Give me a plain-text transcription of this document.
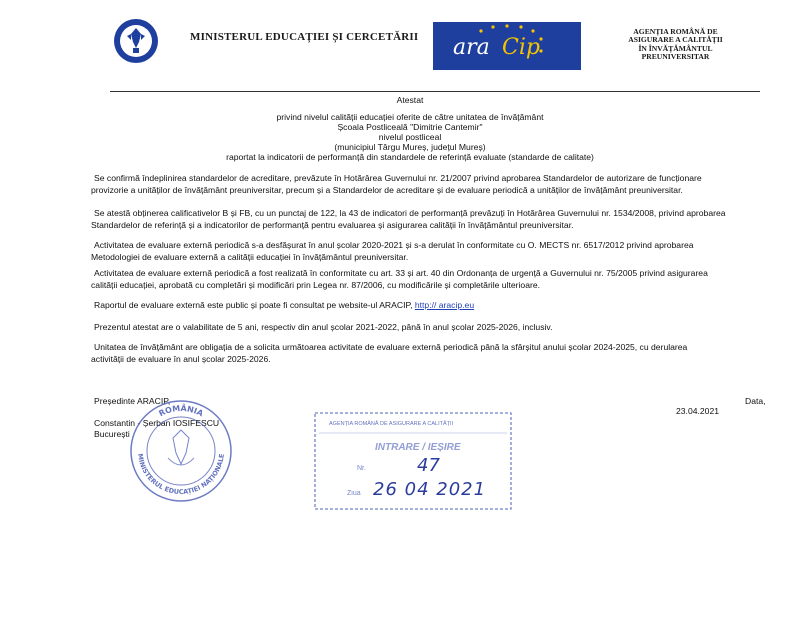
MINISTERUL EDUCAȚIEI ȘI CERCETĂRII ara Cip
AGENȚIA ROMÂNĂ DE
ASIGURARE A CALITĂȚII
ÎN ÎNVĂȚĂMÂNTUL
PREUNIVERSITAR
Atestat
privind nivelul calității educației oferite de către unitatea de învățământ
Școala Postliceală "Dimitrie Cantemir"
nivelul postliceal
(municipiul Târgu Mureș, județul Mureș)
raportat la indicatorii de performanță din standardele de referință evaluate (standarde de calitate)
Se confirmă îndeplinirea standardelor de acreditare, prevăzute în Hotărârea Guvernului nr. 21/2007 privind aprobarea Standardelor de autorizare de funcționare
provizorie a unităților de învățământ preuniversitar, precum și a Standardelor de acreditare și de evaluare periodică a unităților de învățământ preuniversitar.
Se atestă obținerea calificativelor B și FB, cu un punctaj de 122, la 43 de indicatori de performanță prevăzuți în Hotărârea Guvernului nr. 1534/2008, privind aprobarea
Standardelor de referință și a indicatorilor de performanță pentru evaluarea și asigurarea calității în învățământul preuniversitar.
Activitatea de evaluare externă periodică s-a desfășurat în anul școlar 2020-2021 și s-a derulat în conformitate cu O. MECTS nr. 6517/2012 privind aprobarea
Metodologiei de evaluare externă a calității educației în învățământul preuniversitar.
Activitatea de evaluare externă periodică a fost realizată în conformitate cu art. 33 și art. 40 din Ordonanța de urgență a Guvernului nr. 75/2005 privind asigurarea
calității educației, aprobată cu completări și modificări prin Legea nr. 87/2006, cu modificările și completările ulterioare.
Raportul de evaluare externă este public și poate fi consultat pe website-ul ARACIP, http:// aracip.eu
Prezentul atestat are o valabilitate de 5 ani, respectiv din anul școlar 2021-2022, până în anul școlar 2025-2026, inclusiv.
Unitatea de învățământ are obligația de a solicita următoarea activitate de evaluare externă periodică până la sfârșitul anului școlar 2024-2025, cu derularea
activității de evaluare în anul școlar 2025-2026.
Președinte ARACIP,
Constantin - Șerban IOSIFESCU
București
Data,
23.04.2021
ROMÂNIA
MINISTERUL EDUCAȚIEI NAȚIONALE
AGENȚIA ROMÂNĂ DE ASIGURARE A CALITĂȚII
INTRARE / IEȘIRE
Nr.	47
Ziua 26 04 2021
